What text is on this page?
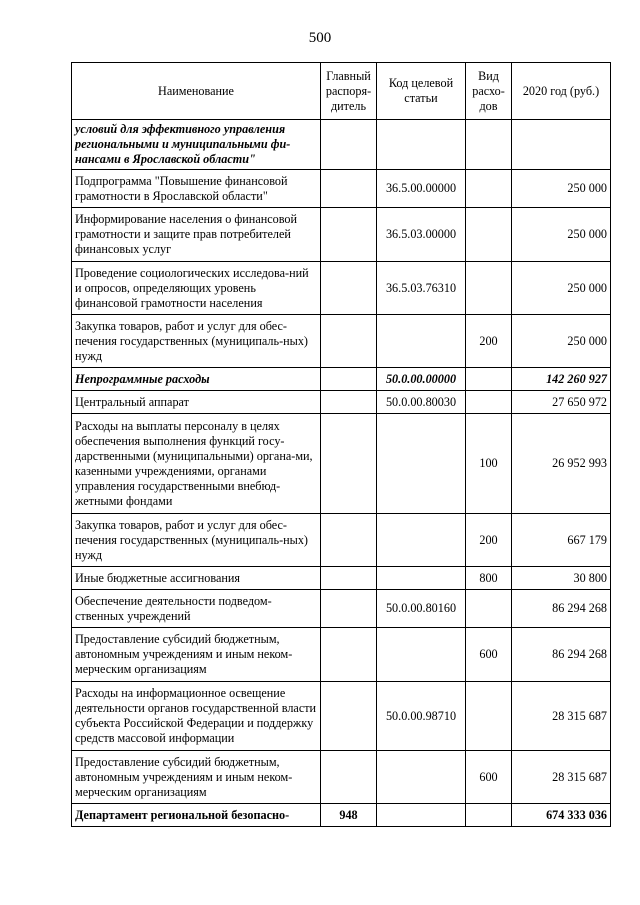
500
Наименование	Главный распоря-дитель	Код целевой статьи	Вид расхо-дов	2020 год (руб.)
условий для эффективного управления региональными и муниципальными фи-нансами в Ярославской области"				
Подпрограмма "Повышение финансовой грамотности в Ярославской области"		36.5.00.00000		250 000
Информирование населения о финансовой грамотности и защите прав потребителей финансовых услуг		36.5.03.00000		250 000
Проведение социологических исследова-ний и опросов, определяющих уровень финансовой грамотности населения		36.5.03.76310		250 000
Закупка товаров, работ и услуг для обес-печения государственных (муниципаль-ных) нужд			200	250 000
Непрограммные расходы		50.0.00.00000		142 260 927
Центральный аппарат		50.0.00.80030		27 650 972
Расходы на выплаты персоналу в целях обеспечения выполнения функций госу-дарственными (муниципальными) органа-ми, казенными учреждениями, органами управления государственными внебюд-жетными фондами			100	26 952 993
Закупка товаров, работ и услуг для обес-печения государственных (муниципаль-ных) нужд			200	667 179
Иные бюджетные ассигнования			800	30 800
Обеспечение деятельности подведом-ственных учреждений		50.0.00.80160		86 294 268
Предоставление субсидий бюджетным, автономным учреждениям и иным неком-мерческим организациям			600	86 294 268
Расходы на информационное освещение деятельности органов государственной власти субъекта Российской Федерации и поддержку средств массовой информации		50.0.00.98710		28 315 687
Предоставление субсидий бюджетным, автономным учреждениям и иным неком-мерческим организациям			600	28 315 687
Департамент региональной безопасно-	948			674 333 036
